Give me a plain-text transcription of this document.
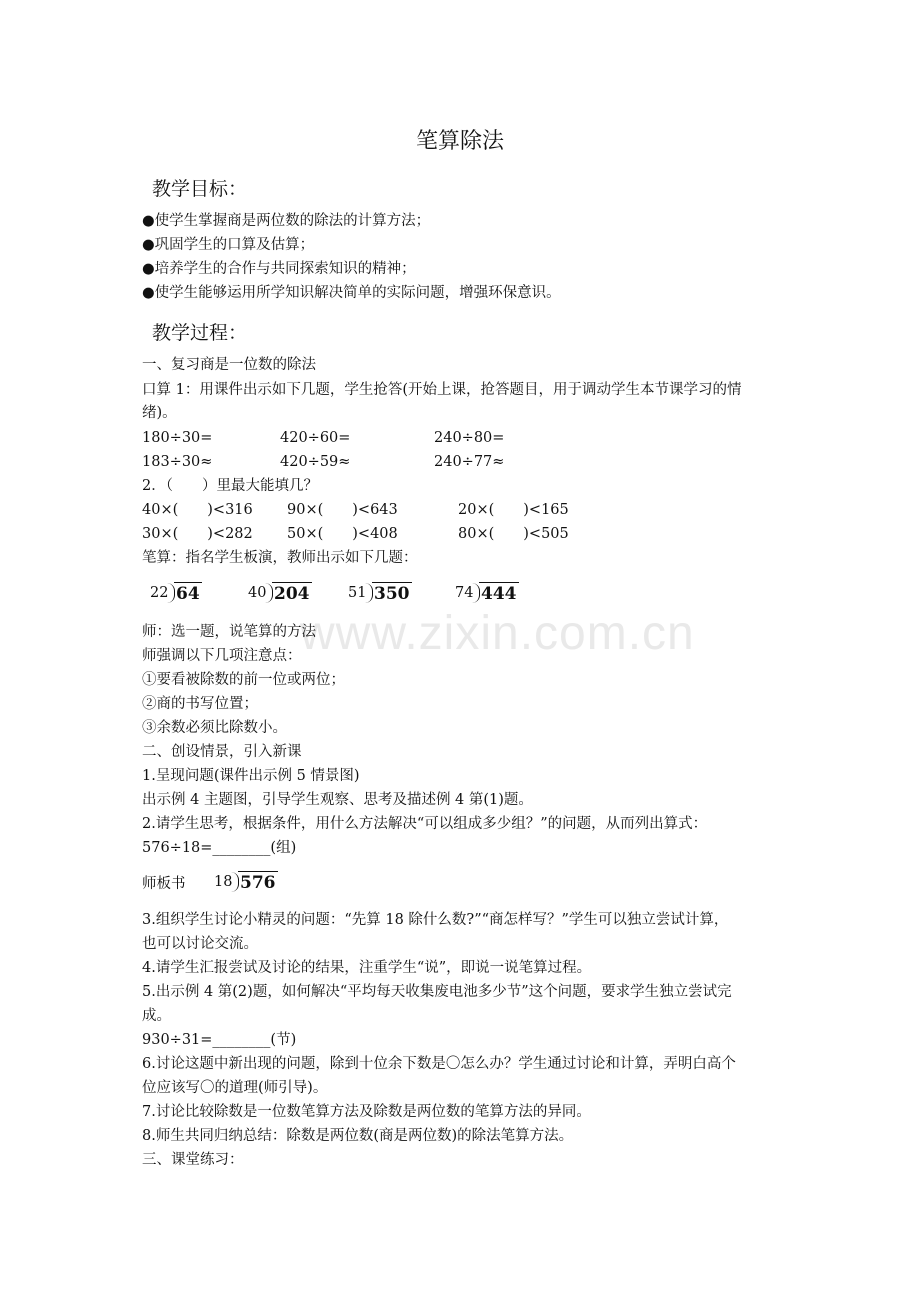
www.zixin.com.cn
笔算除法
教学目标：
●使学生掌握商是两位数的除法的计算方法；
●巩固学生的口算及估算；
●培养学生的合作与共同探索知识的精神；
●使学生能够运用所学知识解决简单的实际问题，增强环保意识。
教学过程：
一、复习商是一位数的除法
口算 1：用课件出示如下几题，学生抢答(开始上课，抢答题目，用于调动学生本节课学习的情
绪)。
180÷30=	420÷60=	240÷80=
183÷30≈	420÷59≈	240÷77≈
2．（　　）里最大能填几？
40×(　　)<316 90×(　　)<643	20×(　　)<165
30×(　　)<282 50×(　　)<408	80×(　　)<505
笔算：指名学生板演，教师出示如下几题：
22 64	40 204	51 350	74 444
师：选一题，说笔算的方法
师强调以下几项注意点：
①要看被除数的前一位或两位；
②商的书写位置；
③余数必须比除数小。
二、创设情景，引入新课
1.呈现问题(课件出示例 5 情景图)
出示例 4 主题图，引导学生观察、思考及描述例 4 第(1)题。
2.请学生思考，根据条件，用什么方法解决“可以组成多少组？”的问题，从而列出算式：
576÷18=________(组)
师板书 18 576
3.组织学生讨论小精灵的问题：“先算 18 除什么数?”“商怎样写？”学生可以独立尝试计算，
也可以讨论交流。
4.请学生汇报尝试及讨论的结果，注重学生“说”，即说一说笔算过程。
5.出示例 4 第(2)题，如何解决“平均每天收集废电池多少节”这个问题，要求学生独立尝试完
成。
930÷31=________(节)
6.讨论这题中新出现的问题，除到十位余下数是〇怎么办？学生通过讨论和计算，弄明白高个
位应该写〇的道理(师引导)。
7.讨论比较除数是一位数笔算方法及除数是两位数的笔算方法的异同。
8.师生共同归纳总结：除数是两位数(商是两位数)的除法笔算方法。
三、课堂练习：
